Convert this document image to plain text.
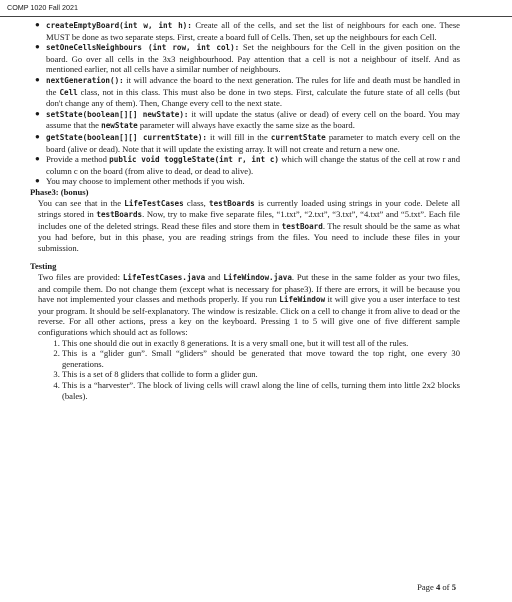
COMP 1020 Fall 2021
● createEmptyBoard(int w, int h): Create all of the cells, and set the list of neighbours for each one. These MUST be done as two separate steps. First, create a board full of Cells. Then, set up the neighbours for each Cell.
● setOneCellsNeighbours (int row, int col): Set the neighbours for the Cell in the given position on the board. Go over all cells in the 3x3 neighbourhood. Pay attention that a cell is not a neighbour of itself. And as mentioned earlier, not all cells have a similar number of neighbours.
● nextGeneration(): it will advance the board to the next generation. The rules for life and death must be handled in the Cell class, not in this class. This must also be done in two steps. First, calculate the future state of all cells (but don't change any of them). Then, Change every cell to the next state.
● setState(boolean[][] newState): it will update the status (alive or dead) of every cell on the board. You may assume that the newState parameter will always have exactly the same size as the board.
● getState(boolean[][] currentState): it will fill in the currentState parameter to match every cell on the board (alive or dead). Note that it will update the existing array. It will not create and return a new one.
● Provide a method public void toggleState(int r, int c) which will change the status of the cell at row r and column c on the board (from alive to dead, or dead to alive).
● You may choose to implement other methods if you wish.
Phase3: (bonus)

You can see that in the LifeTestCases class, testBoards is currently loaded using strings in your code. Delete all strings stored in testBoards. Now, try to make five separate files, “1.txt”, “2.txt”, “3.txt”, “4.txt” and “5.txt”. Each file includes one of the deleted strings. Read these files and store them in testBoard. The result should be the same as what you had before, but in this phase, you are reading strings from the files. You need to include these files in your submission.

Testing

Two files are provided: LifeTestCases.java and LifeWindow.java. Put these in the same folder as your two files, and compile them. Do not change them (except what is necessary for phase3). If there are errors, it will be because you have not implemented your classes and methods properly. If you run LifeWindow it will give you a user interface to test your program. It should be self-explanatory. The window is resizable. Click on a cell to change it from alive to dead or the reverse. For all other actions, press a key on the keyboard. Pressing 1 to 5 will give one of five different sample configurations which should act as follows:

1. This one should die out in exactly 8 generations. It is a very small one, but it will test all of the rules.
2. This is a “glider gun”. Small “gliders” should be generated that move toward the top right, one every 30 generations.
3. This is a set of 8 gliders that collide to form a glider gun.
4. This is a “harvester”. The block of living cells will crawl along the line of cells, turning them into little 2x2 blocks (bales).
Page 4 of 5
